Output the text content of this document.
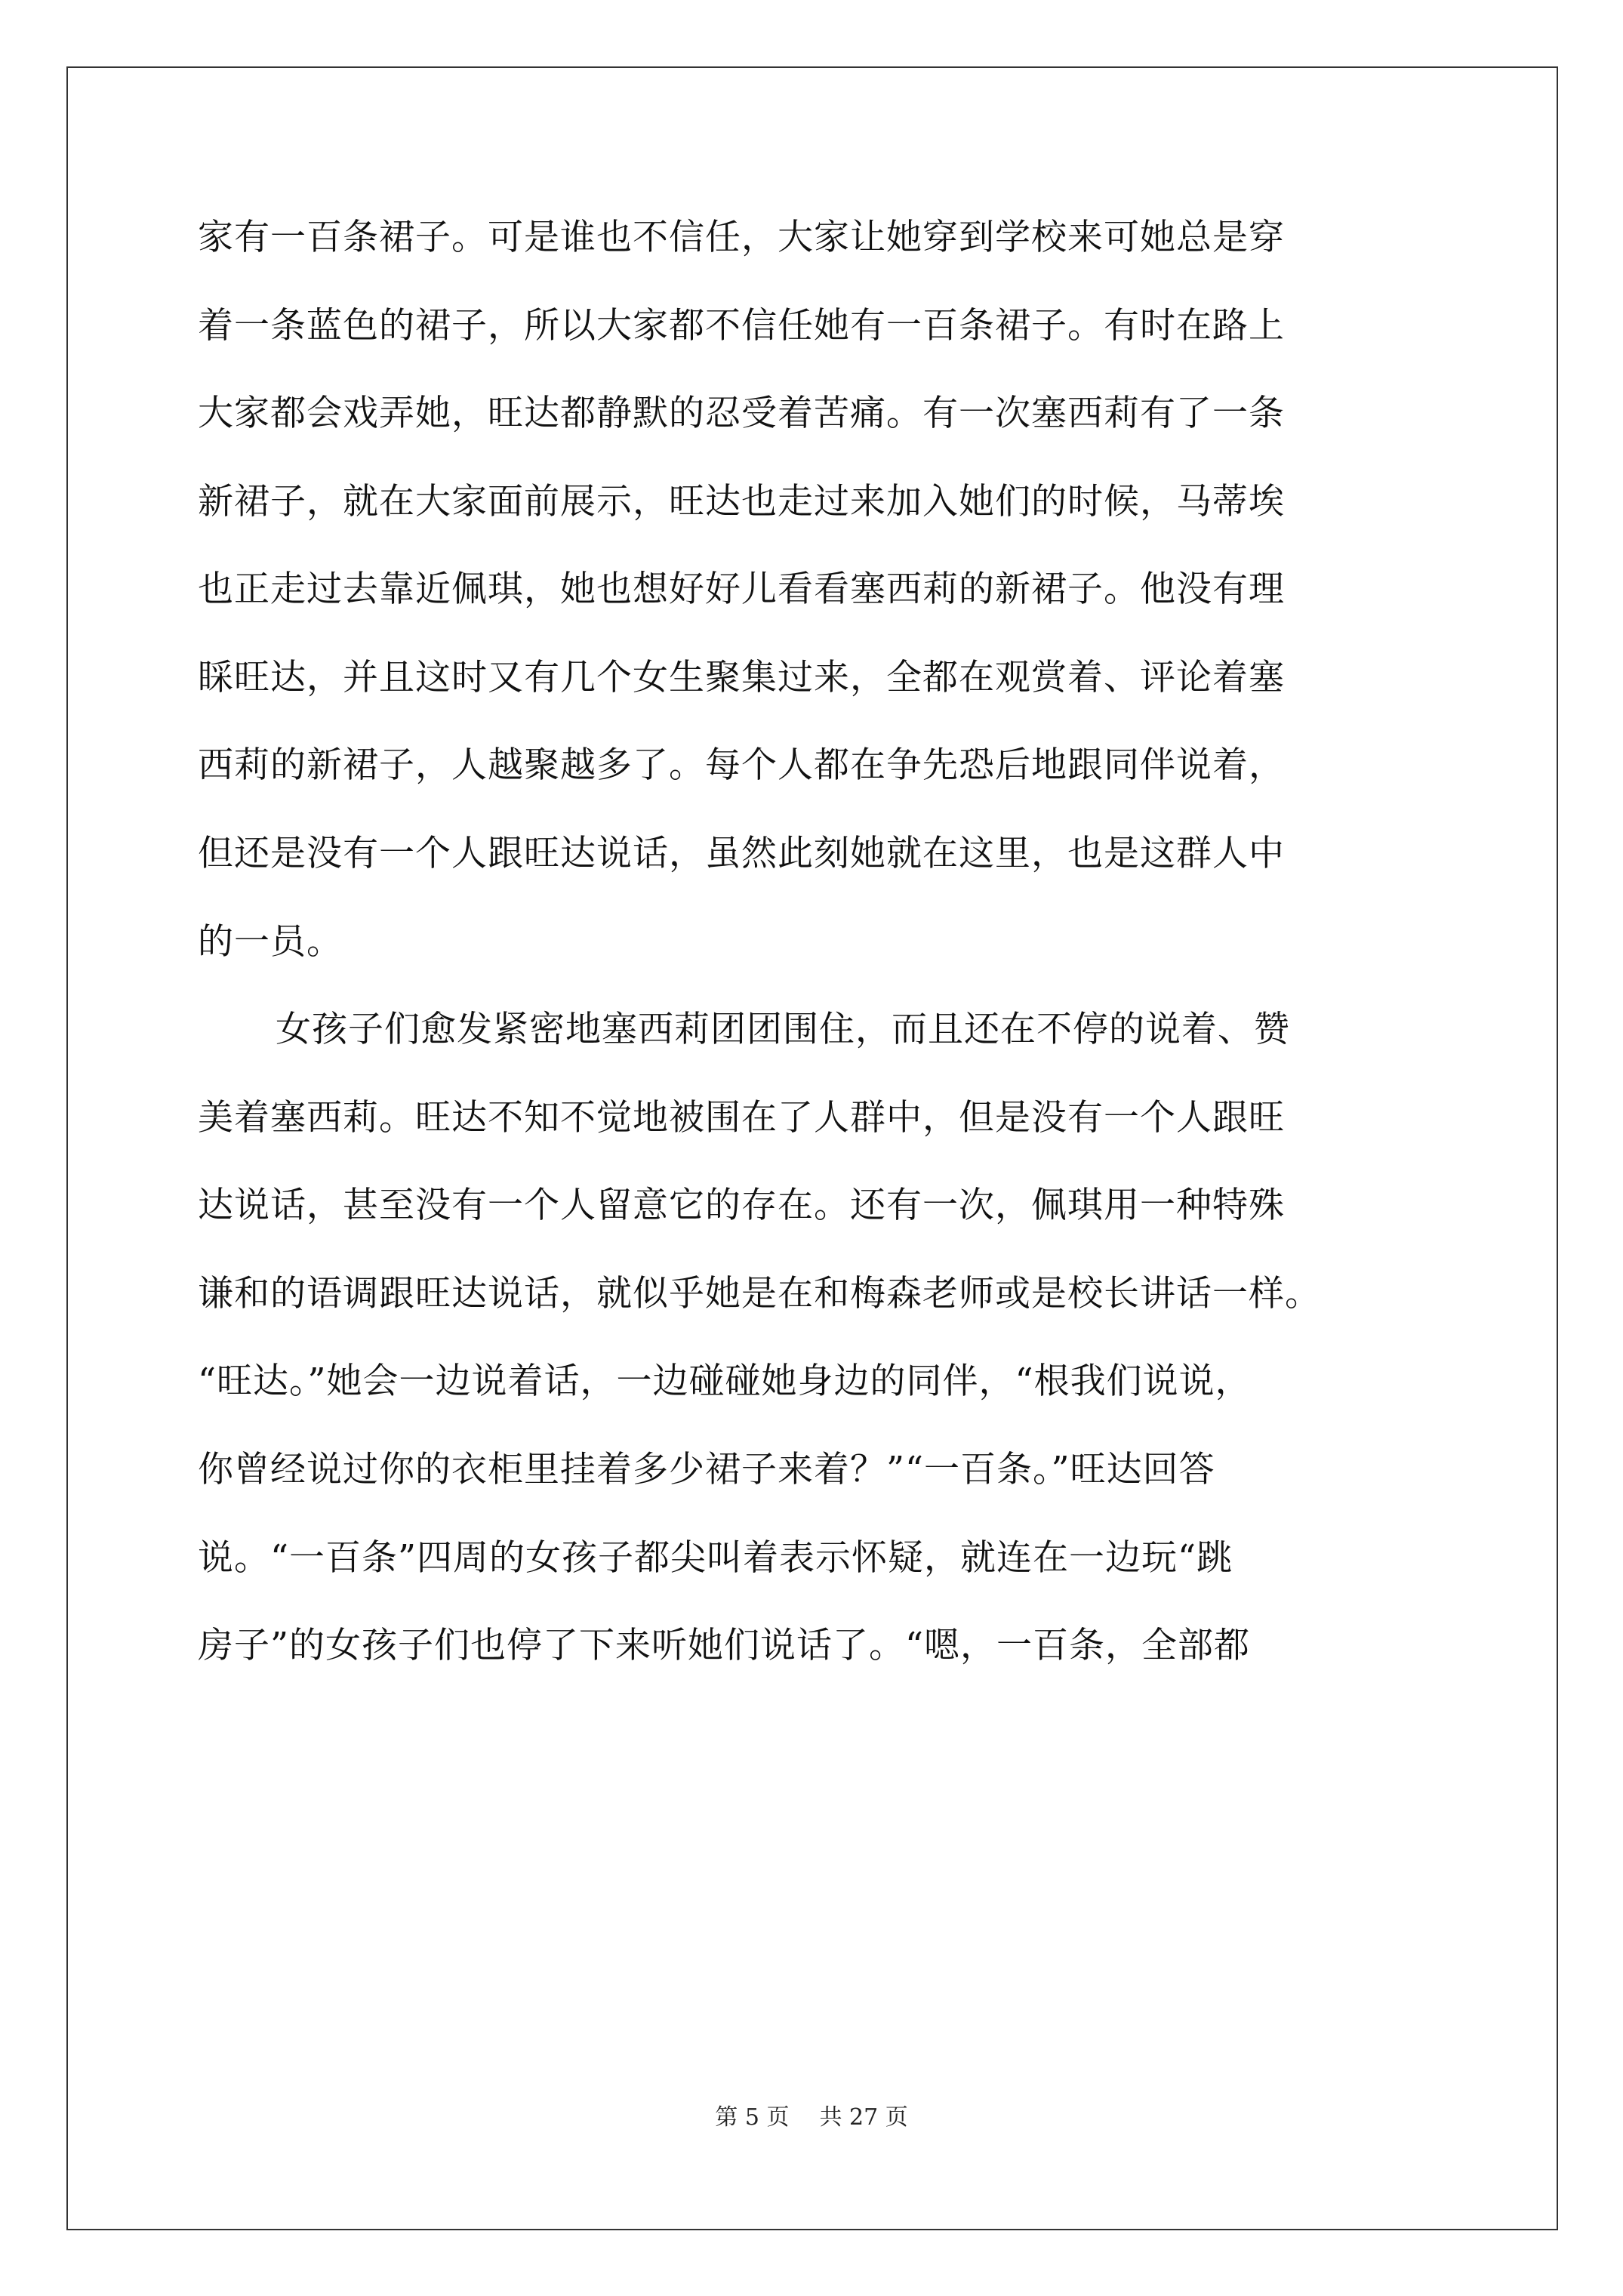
家有一百条裙子。可是谁也不信任，大家让她穿到学校来可她总是穿
着一条蓝色的裙子，所以大家都不信任她有一百条裙子。有时在路上
大家都会戏弄她，旺达都静默的忍受着苦痛。有一次塞西莉有了一条
新裙子，就在大家面前展示，旺达也走过来加入她们的时候，马蒂埃
也正走过去靠近佩琪，她也想好好儿看看塞西莉的新裙子。他没有理
睬旺达，并且这时又有几个女生聚集过来，全都在观赏着、评论着塞
西莉的新裙子，人越聚越多了。每个人都在争先恐后地跟同伴说着，
但还是没有一个人跟旺达说话，虽然此刻她就在这里，也是这群人中
的一员。
女孩子们愈发紧密地塞西莉团团围住，而且还在不停的说着、赞
美着塞西莉。旺达不知不觉地被围在了人群中，但是没有一个人跟旺
达说话，甚至没有一个人留意它的存在。还有一次，佩琪用一种特殊
谦和的语调跟旺达说话，就似乎她是在和梅森老师或是校长讲话一样。
“旺达。”她会一边说着话，一边碰碰她身边的同伴，“根我们说说，
你曾经说过你的衣柜里挂着多少裙子来着？”“一百条。”旺达回答
说。“一百条”四周的女孩子都尖叫着表示怀疑，就连在一边玩“跳
房子”的女孩子们也停了下来听她们说话了。“嗯，一百条，全部都
第 5 页 共 27 页
